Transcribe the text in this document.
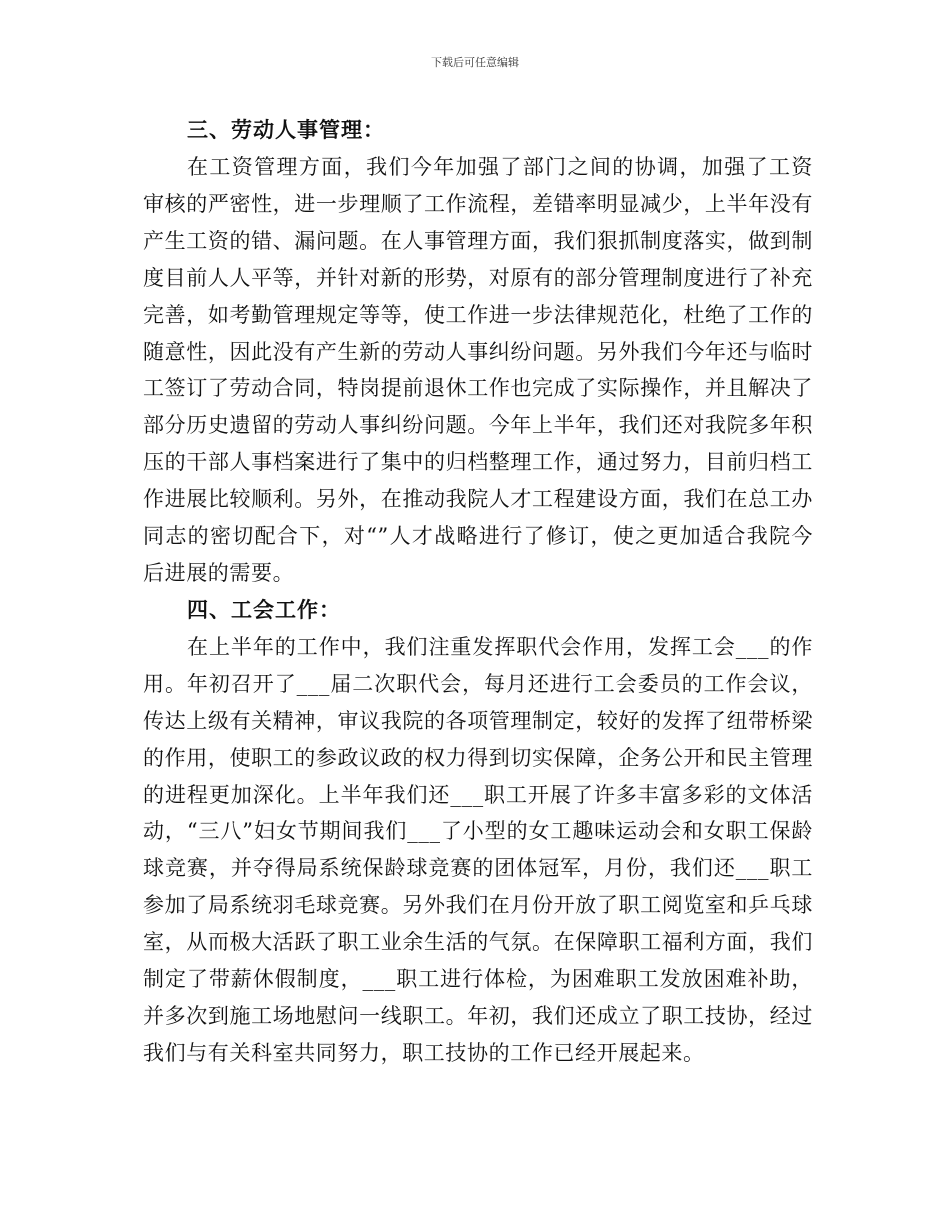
下载后可任意编辑
三、劳动人事管理：

在工资管理方面，我们今年加强了部门之间的协调，加强了工资审核的严密性，进一步理顺了工作流程，差错率明显减少，上半年没有产生工资的错、漏问题。在人事管理方面，我们狠抓制度落实，做到制度目前人人平等，并针对新的形势，对原有的部分管理制度进行了补充完善，如考勤管理规定等等，使工作进一步法律规范化，杜绝了工作的随意性，因此没有产生新的劳动人事纠纷问题。另外我们今年还与临时工签订了劳动合同，特岗提前退休工作也完成了实际操作，并且解决了部分历史遗留的劳动人事纠纷问题。今年上半年，我们还对我院多年积压的干部人事档案进行了集中的归档整理工作，通过努力，目前归档工作进展比较顺利。另外，在推动我院人才工程建设方面，我们在总工办同志的密切配合下，对“”人才战略进行了修订，使之更加适合我院今后进展的需要。

四、工会工作：

在上半年的工作中，我们注重发挥职代会作用，发挥工会___的作用。年初召开了___届二次职代会，每月还进行工会委员的工作会议，传达上级有关精神，审议我院的各项管理制定，较好的发挥了纽带桥梁的作用，使职工的参政议政的权力得到切实保障，企务公开和民主管理的进程更加深化。上半年我们还___职工开展了许多丰富多彩的文体活动，“三八”妇女节期间我们___了小型的女工趣味运动会和女职工保龄球竞赛，并夺得局系统保龄球竞赛的团体冠军，月份，我们还___职工参加了局系统羽毛球竞赛。另外我们在月份开放了职工阅览室和乒乓球室，从而极大活跃了职工业余生活的气氛。在保障职工福利方面，我们制定了带薪休假制度，___职工进行体检，为困难职工发放困难补助，并多次到施工场地慰问一线职工。年初，我们还成立了职工技协，经过我们与有关科室共同努力，职工技协的工作已经开展起来。
